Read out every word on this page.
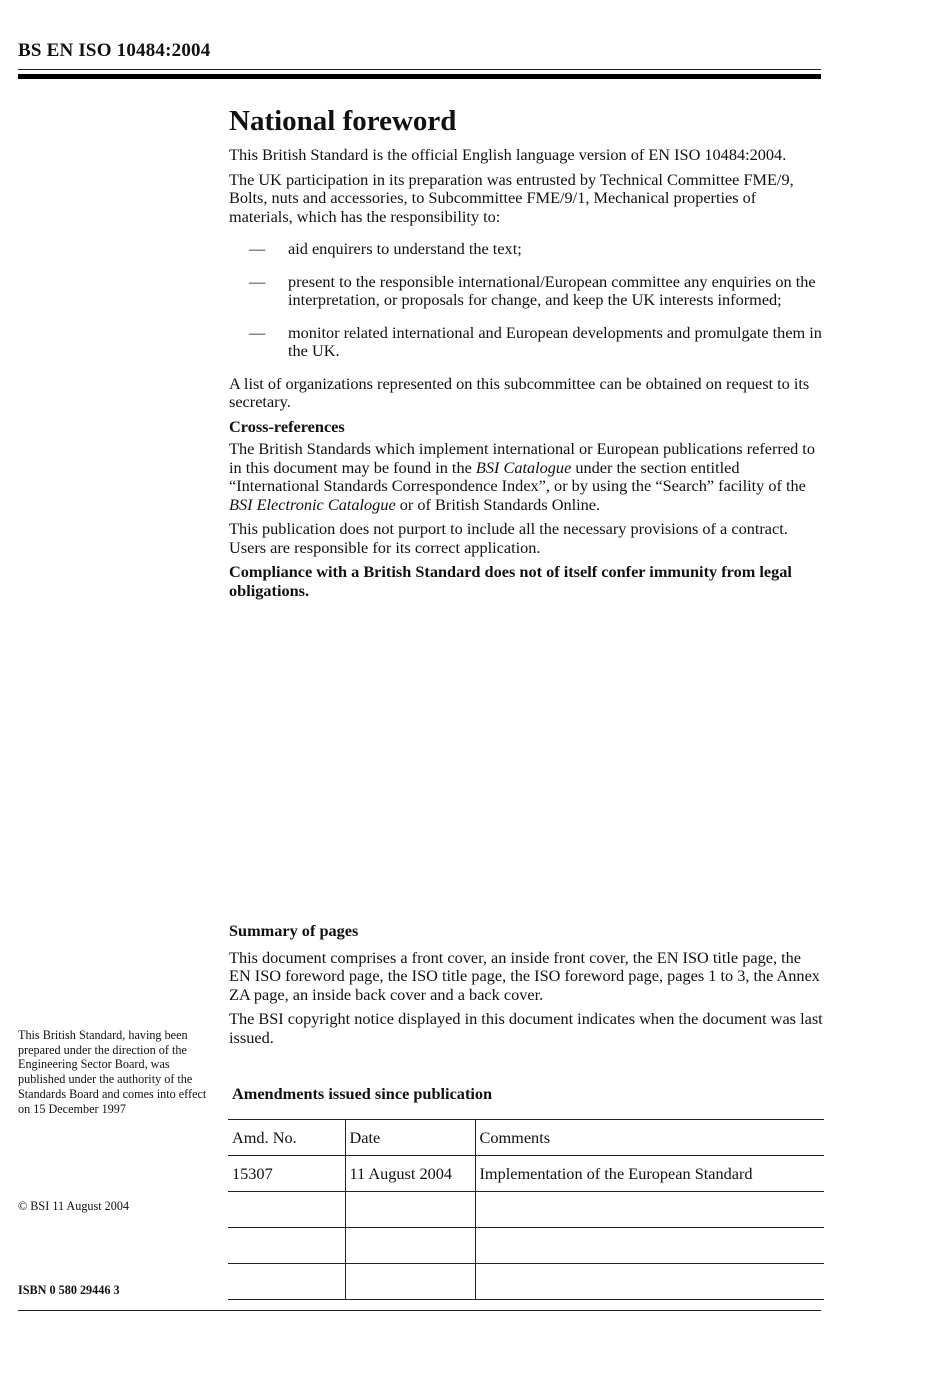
BS EN ISO 10484:2004
National foreword

This British Standard is the official English language version of EN ISO 10484:2004.

The UK participation in its preparation was entrusted by Technical Committee FME/9, Bolts, nuts and accessories, to Subcommittee FME/9/1, Mechanical properties of materials, which has the responsibility to:

— aid enquirers to understand the text;
— present to the responsible international/European committee any enquiries on the interpretation, or proposals for change, and keep the UK interests informed;
— monitor related international and European developments and promulgate them in the UK.

A list of organizations represented on this subcommittee can be obtained on request to its secretary.

Cross-references

The British Standards which implement international or European publications referred to in this document may be found in the BSI Catalogue under the section entitled “International Standards Correspondence Index”, or by using the “Search” facility of the BSI Electronic Catalogue or of British Standards Online.

This publication does not purport to include all the necessary provisions of a contract. Users are responsible for its correct application.

Compliance with a British Standard does not of itself confer immunity from legal obligations.

Summary of pages

This document comprises a front cover, an inside front cover, the EN ISO title page, the EN ISO foreword page, the ISO title page, the ISO foreword page, pages 1 to 3, the Annex ZA page, an inside back cover and a back cover.

The BSI copyright notice displayed in this document indicates when the document was last issued.

This British Standard, having been prepared under the direction of the Engineering Sector Board, was published under the authority of the Standards Board and comes into effect on 15 December 1997
© BSI 11 August 2004
ISBN 0 580 29446 3
Amendments issued since publication
Amd. No.	Date	Comments
15307	11 August 2004	Implementation of the European Standard
